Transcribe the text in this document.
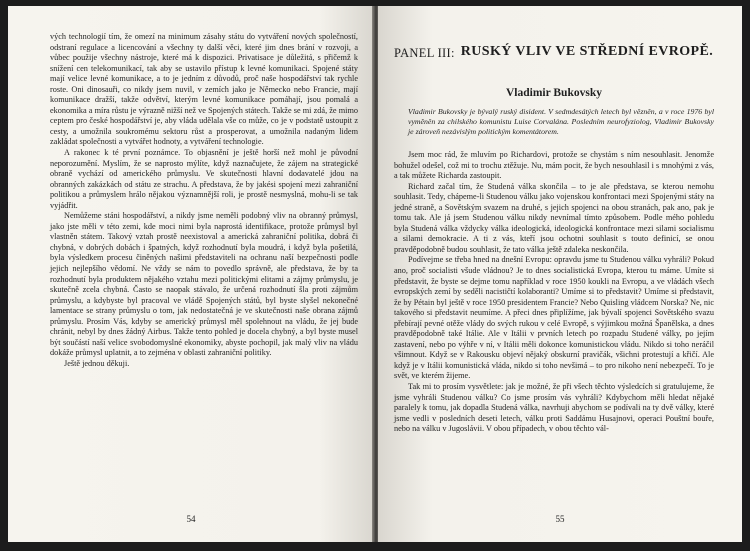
vých technologií tím, že omezí na minimum zásahy státu do vytváření nových společností, odstraní regulace a licencování a všechny ty další věci, které jim dnes brání v rozvoji, a vůbec použije všechny nástroje, které má k dispozici. Privatisace je důležitá, s přičemž k snížení cen telekomunikací, tak aby se ustavilo přístup k levné komunikaci. Spojené státy mají velice levné komunikace, a to je jedním z důvodů, proč naše hospodářství tak rychle roste. Oni dinosauři, co nikdy jsem nuvil, v zemích jako je Německo nebo Francie, mají komunikace dražší, takže odvětví, kterým levné komunikace pomáhají, jsou pomalá a ekonomika a míra růstu je výrazně nižší než ve Spojených státech. Takže se mi zdá, že mimo ceptem pro české hospodářství je, aby vláda udělala vše co může, co je v podstatě ustoupit z cesty, a umožnila soukromému sektoru růst a prosperovat, a umožnila nadaným lidem zakládat společnosti a vytvářet hodnoty, a vytváření technologie.

A rakonec k té první poznámce. To objasnění je ještě horší než mohl je původní neporozumění. Myslím, že se naprosto mýlíte, když naznačujete, že zájem na strategické obraně vychází od amerického průmyslu. Ve skutečnosti hlavní dodavatelé jdou na obranných zakázkách od státu ze strachu. A představa, že by jakési spojení mezi zahraniční politikou a průmyslem hrálo nějakou významnější roli, je prostě nesmyslná, mohu-li se tak vyjádřit.

Nemůžeme stáni hospodářství, a nikdy jsme neměli podobný vliv na obranný průmysl, jako jste měli v této zemi, kde moci nimi byla naprostá identifikace, protože průmysl byl vlastněn státem. Takový vztah prostě neexistoval a americká zahraniční politika, dobrá či chybná, v dobrých dobách i špatných, když rozhodnutí byla moudrá, i když byla pošetilá, byla výsledkem procesu činěných našimi představiteli na ochranu naší bezpečnosti podle jejich nejlepšího vědomí. Ne vždy se nám to povedlo správně, ale představa, že by ta rozhodnutí byla produktem nějakého vztahu mezi politickými elitami a zájmy průmyslu, je skutečně zcela chybná. Často se naopak stávalo, že určená rozhodnutí šla proti zájmům průmyslu, a kdybyste byl pracoval ve vládě Spojených států, byl byste slyšel nekonečné lamentace se strany průmyslu o tom, jak nedostatečná je ve skutečnosti naše obrana zájmů průmyslu. Prosím Vás, kdyby se americký průmysl měl spolehnout na vládu, že jej bude chránit, nebyl by dnes žádný Airbus. Takže tento pohled je docela chybný, a byl byste musel být součástí naší velice svobodomyslné ekonomiky, abyste pochopil, jak malý vliv na vládu dokáže průmysl uplatnit, a to zejména v oblasti zahraniční politiky.

Ještě jednou děkuji.

54
PANEL III: RUSKÝ VLIV VE STŘEDNÍ EVROPĚ.
Vladimir Bukovsky

Vladimir Bukovsky je bývalý ruský disident. V sedmdesátých letech byl vězněn, a v roce 1976 byl vyměněn za chilského komunistu Luise Corvalána. Posledním neurofyziolog, Vladimir Bukovsky je zároveň nezávislým politickým komentátorem.

Jsem moc rád, že mluvím po Richardovi, protože se chystám s ním nesouhlasit. Jenomže bohužel odešel, což mi to trochu ztěžuje. Nu, mám pocit, že bych nesouhlasil i s mnohými z vás, a tak můžete Richarda zastoupit.

Richard začal tím, že Studená válka skončila – to je ale představa, se kterou nemohu souhlasit. Tedy, chápeme-li Studenou válku jako vojenskou konfrontaci mezi Spojenými státy na jedné straně, a Sovětským svazem na druhé, s jejich spojenci na obou stranách, pak ano, pak je tomu tak. Ale já jsem Studenou válku nikdy nevnímal tímto způsobem. Podle mého pohledu byla Studená válka vždycky válka ideologická, ideologická konfrontace mezi silami socialismu a silami demokracie. A ti z vás, kteří jsou ochotni souhlasit s touto definicí, se onou pravděpodobně budou souhlasit, že tato válka ještě zdaleka neskončila.

Podívejme se třeba hned na dnešní Evropu: opravdu jsme tu Studenou válku vyhráli? Pokud ano, proč socialisti všude vládnou? Je to dnes socialistická Evropa, kterou tu máme. Umíte si představit, že byste se dejme tomu například v roce 1950 koukli na Evropu, a ve vládách všech evropských zemí by seděli nacističtí kolaboranti? Umíme si to představit? Umíme si představit, že by Pétain byl ještě v roce 1950 presidentem Francie? Nebo Quisling vládcem Norska? Ne, nic takového si představit neumíme. A přeci dnes připlížíme, jak bývalí spojenci Sovětského svazu přebírají pevné otěže vlády do svých rukou v celé Evropě, s výjimkou možná Španělska, a dnes pravděpodobně také Itálie. Ale v Itálii v prvních letech po rozpadu Studené války, po jejím zastavení, nebo po výhře v ní, v Itálii měli dokonce komunistickou vládu. Nikdo si toho neráčil všimnout. Když se v Rakousku objeví nějaký obskurní pravičák, všichni protestují a křičí. Ale když je v Itálii komunistická vláda, nikdo si toho nevšimá – to pro nikoho není nebezpečí. To je svět, ve kterém žijeme.

Tak mi to prosím vysvětlete: jak je možné, že při všech těchto výsledcích si gratulujeme, že jsme vyhráli Studenou válku? Co jsme prosím vás vyhráli? Kdybychom měli hledat nějaké paralely k tomu, jak dopadla Studená válka, navrhuji abychom se podívali na ty dvě války, které jsme vedli v posledních deseti letech, válku proti Saddámu Husajnovi, operaci Pouštní bouře, nebo na válku v Jugoslávii. V obou případech, v obou těchto vál-

55
